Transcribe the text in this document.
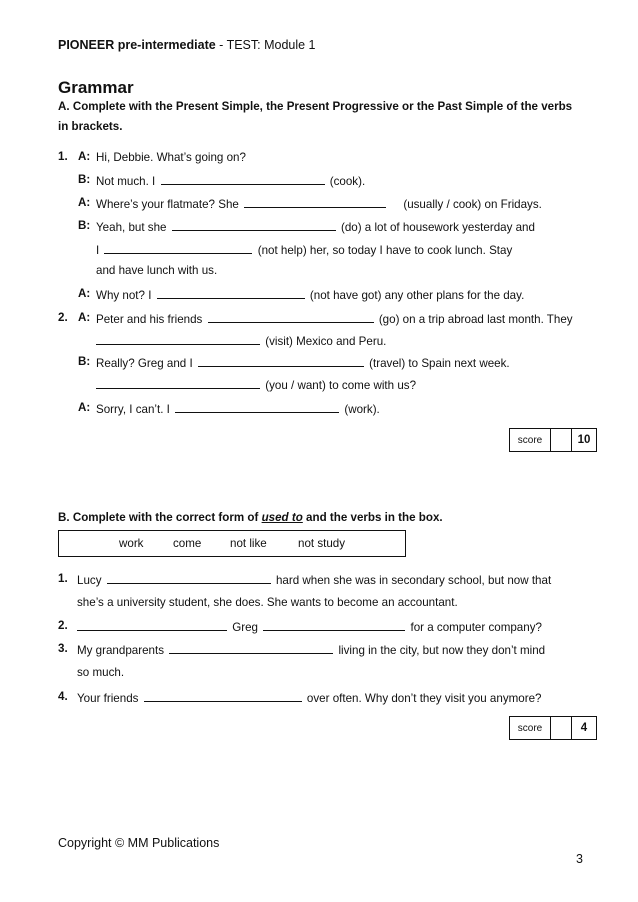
PIONEER pre-intermediate - TEST: Module 1
Grammar
A. Complete with the Present Simple, the Present Progressive or the Past Simple of the verbs in brackets.
1. A: Hi, Debbie. What’s going on?
B: Not much. I	(cook).
A: Where’s your flatmate? She	(usually / cook) on Fridays.
B: Yeah, but she	(do) a lot of housework yesterday and
I	(not help) her, so today I have to cook lunch. Stay
and have lunch with us.
A: Why not? I	(not have got) any other plans for the day.
2. A: Peter and his friends	(go) on a trip abroad last month. They
(visit) Mexico and Peru.
B: Really? Greg and I	(travel) to Spain next week.
(you / want) to come with us?
A: Sorry, I can’t. I	(work).
score	10
B. Complete with the correct form of used to and the verbs in the box.
work	come not like	not study
1. Lucy	hard when she was in secondary school, but now that
she’s a university student, she does. She wants to become an accountant.
2.	Greg	for a computer company?
3. My grandparents	living in the city, but now they don’t mind
so much.
4. Your friends	over often. Why don’t they visit you anymore?
score	4
Copyright © MM Publications
3
